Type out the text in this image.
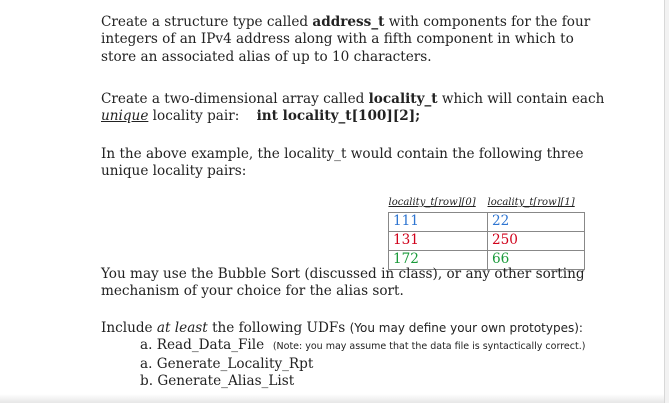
Create a structure type called address_t with components for the four
integers of an IPv4 address along with a fifth component in which to
store an associated alias of up to 10 characters.

Create a two-dimensional array called locality_t which will contain each
unique locality pair: int locality_t[100][2];

In the above example, the locality_t would contain the following three
unique locality pairs:

locality_t[row][0]	locality_t[row][1]
111	22
131	250
172	66

You may use the Bubble Sort (discussed in class), or any other sorting
mechanism of your choice for the alias sort.

Include at least the following UDFs (You may define your own prototypes):
a. Read_Data_File (Note: you may assume that the data file is syntactically correct.)
a. Generate_Locality_Rpt
b. Generate_Alias_List
